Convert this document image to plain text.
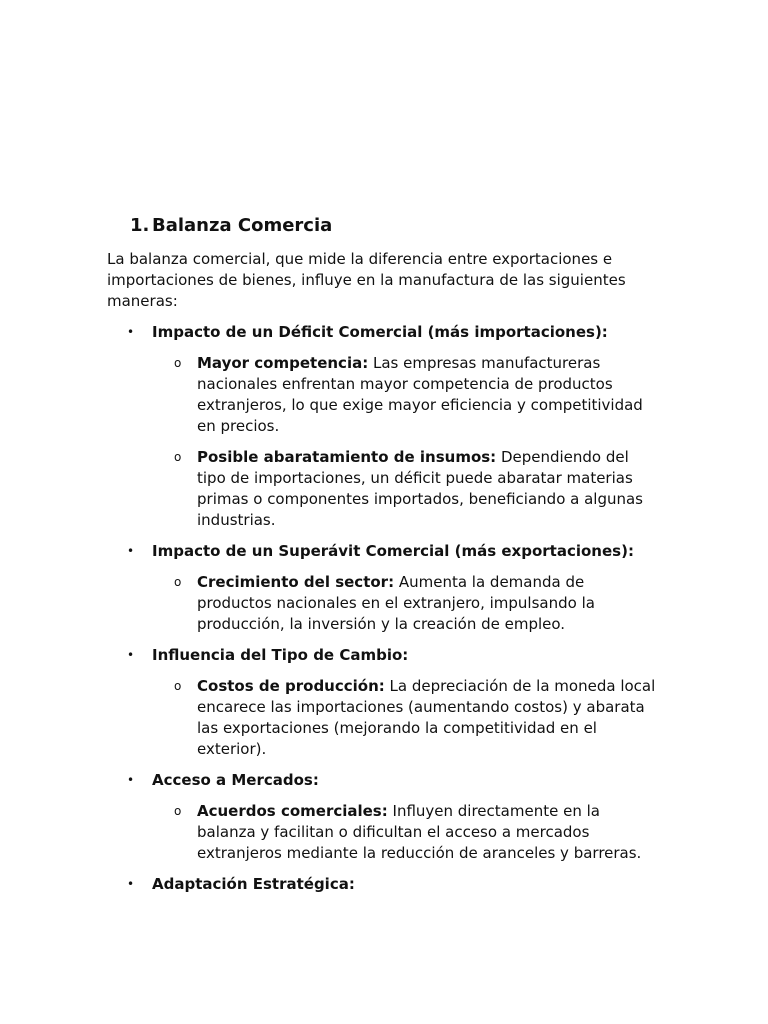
1. Balanza Comercia

La balanza comercial, que mide la diferencia entre exportaciones e importaciones de bienes, influye en la manufactura de las siguientes maneras:

• Impacto de un Déficit Comercial (más importaciones):
o Mayor competencia: Las empresas manufactureras nacionales enfrentan mayor competencia de productos extranjeros, lo que exige mayor eficiencia y competitividad en precios.
o Posible abaratamiento de insumos: Dependiendo del tipo de importaciones, un déficit puede abaratar materias primas o componentes importados, beneficiando a algunas industrias.
• Impacto de un Superávit Comercial (más exportaciones):
o Crecimiento del sector: Aumenta la demanda de productos nacionales en el extranjero, impulsando la producción, la inversión y la creación de empleo.
• Influencia del Tipo de Cambio:
o Costos de producción: La depreciación de la moneda local encarece las importaciones (aumentando costos) y abarata las exportaciones (mejorando la competitividad en el exterior).
• Acceso a Mercados:
o Acuerdos comerciales: Influyen directamente en la balanza y facilitan o dificultan el acceso a mercados extranjeros mediante la reducción de aranceles y barreras.
• Adaptación Estratégica:
